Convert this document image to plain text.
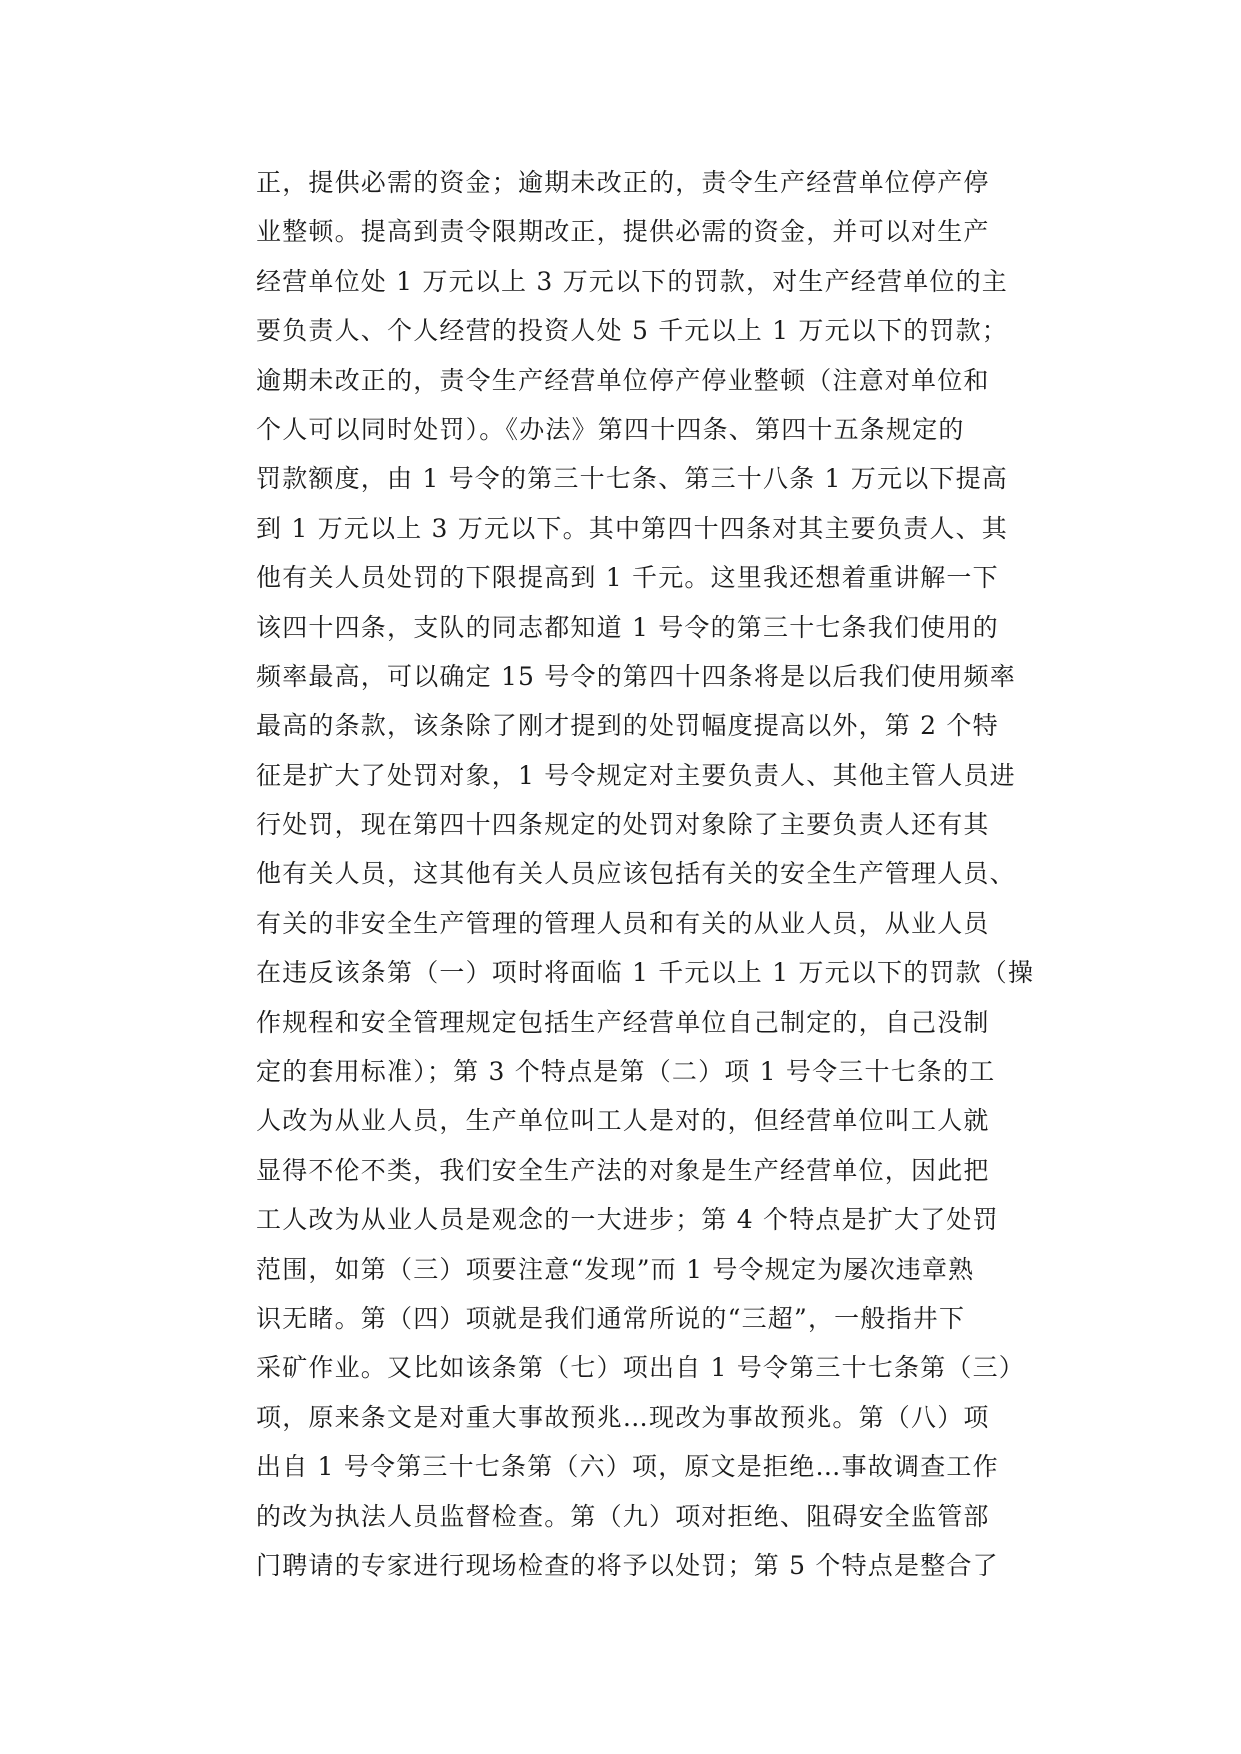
正，提供必需的资金；逾期未改正的，责令生产经营单位停产停
业整顿。提高到责令限期改正，提供必需的资金，并可以对生产
经营单位处 1 万元以上 3 万元以下的罚款，对生产经营单位的主
要负责人、个人经营的投资人处 5 千元以上 1 万元以下的罚款；
逾期未改正的，责令生产经营单位停产停业整顿（注意对单位和
个人可以同时处罚）。《办法》第四十四条、第四十五条规定的
罚款额度，由 1 号令的第三十七条、第三十八条 1 万元以下提高
到 1 万元以上 3 万元以下。其中第四十四条对其主要负责人、其
他有关人员处罚的下限提高到 1 千元。这里我还想着重讲解一下
该四十四条，支队的同志都知道 1 号令的第三十七条我们使用的
频率最高，可以确定 15 号令的第四十四条将是以后我们使用频率
最高的条款，该条除了刚才提到的处罚幅度提高以外，第 2 个特
征是扩大了处罚对象，1 号令规定对主要负责人、其他主管人员进
行处罚，现在第四十四条规定的处罚对象除了主要负责人还有其
他有关人员，这其他有关人员应该包括有关的安全生产管理人员、
有关的非安全生产管理的管理人员和有关的从业人员，从业人员
在违反该条第（一）项时将面临 1 千元以上 1 万元以下的罚款（操
作规程和安全管理规定包括生产经营单位自己制定的，自己没制
定的套用标准）；第 3 个特点是第（二）项 1 号令三十七条的工
人改为从业人员，生产单位叫工人是对的，但经营单位叫工人就
显得不伦不类，我们安全生产法的对象是生产经营单位，因此把
工人改为从业人员是观念的一大进步；第 4 个特点是扩大了处罚
范围，如第（三）项要注意“发现”而 1 号令规定为屡次违章熟
识无睹。第（四）项就是我们通常所说的“三超”，一般指井下
采矿作业。又比如该条第（七）项出自 1 号令第三十七条第（三）
项，原来条文是对重大事故预兆…现改为事故预兆。第（八）项
出自 1 号令第三十七条第（六）项，原文是拒绝…事故调查工作
的改为执法人员监督检查。第（九）项对拒绝、阻碍安全监管部
门聘请的专家进行现场检查的将予以处罚；第 5 个特点是整合了
